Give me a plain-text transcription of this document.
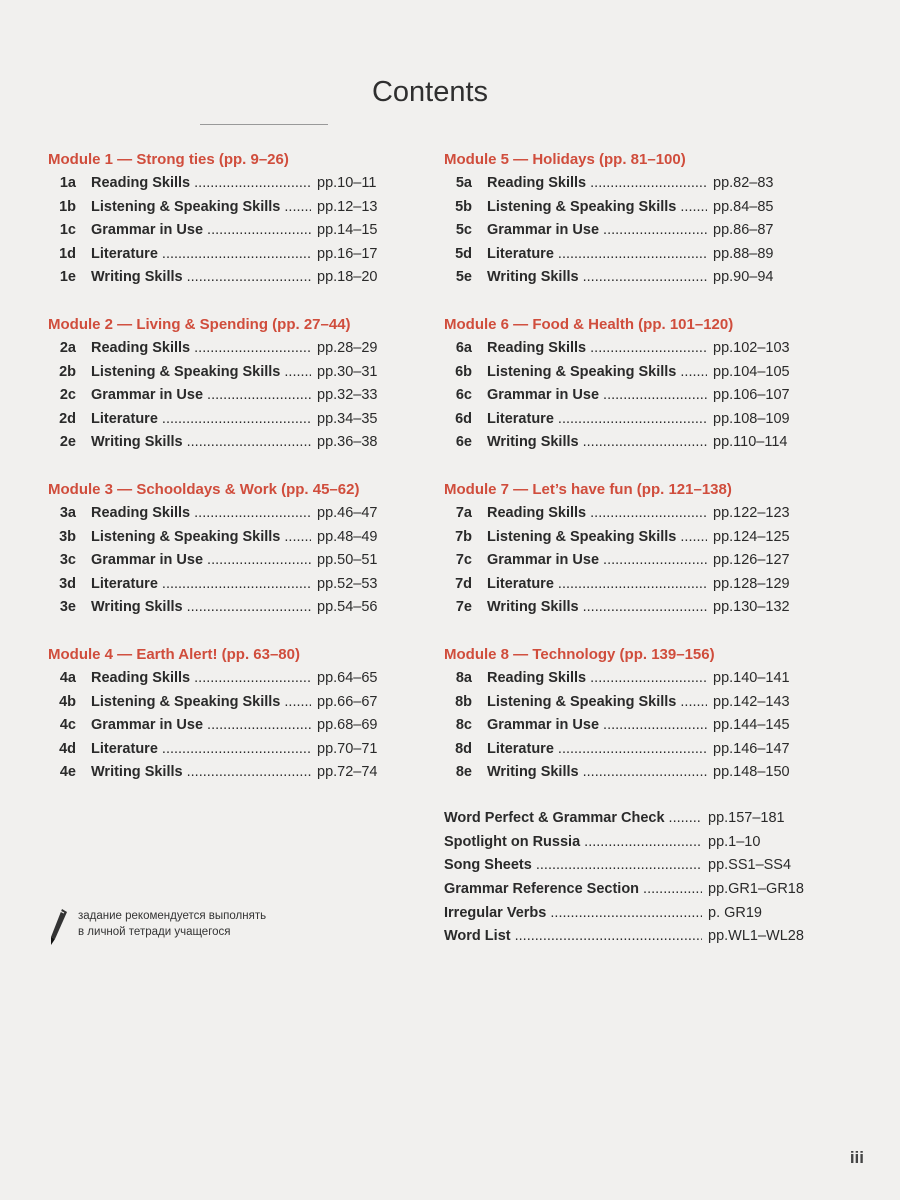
Contents
Module 1 — Strong ties (pp. 9–26)
1a Reading Skills .....	pp.10–11
1b Listening & Speaking Skills .....	pp.12–13
1c Grammar in Use .....	pp.14–15
1d Literature .....	pp.16–17
1e Writing Skills .....	pp.18–20
Module 2 — Living & Spending (pp. 27–44)
2a Reading Skills .....	pp.28–29
2b Listening & Speaking Skills .....	pp.30–31
2c Grammar in Use .....	pp.32–33
2d Literature .....	pp.34–35
2e Writing Skills .....	pp.36–38
Module 3 — Schooldays & Work (pp. 45–62)
3a Reading Skills .....	pp.46–47
3b Listening & Speaking Skills .....	pp.48–49
3c Grammar in Use .....	pp.50–51
3d Literature .....	pp.52–53
3e Writing Skills .....	pp.54–56
Module 4 — Earth Alert! (pp. 63–80)
4a Reading Skills .....	pp.64–65
4b Listening & Speaking Skills .....	pp.66–67
4c Grammar in Use .....	pp.68–69
4d Literature .....	pp.70–71
4e Writing Skills .....	pp.72–74
Module 5 — Holidays (pp. 81–100)
5a Reading Skills .....	pp.82–83
5b Listening & Speaking Skills .....	pp.84–85
5c Grammar in Use .....	pp.86–87
5d Literature .....	pp.88–89
5e Writing Skills .....	pp.90–94
Module 6 — Food & Health (pp. 101–120)
6a Reading Skills .....	pp.102–103
6b Listening & Speaking Skills .....	pp.104–105
6c Grammar in Use .....	pp.106–107
6d Literature .....	pp.108–109
6e Writing Skills .....	pp.110–114
Module 7 — Let’s have fun (pp. 121–138)
7a Reading Skills .....	pp.122–123
7b Listening & Speaking Skills .....	pp.124–125
7c Grammar in Use .....	pp.126–127
7d Literature .....	pp.128–129
7e Writing Skills .....	pp.130–132
Module 8 — Technology (pp. 139–156)
8a Reading Skills .....	pp.140–141
8b Listening & Speaking Skills .....	pp.142–143
8c Grammar in Use .....	pp.144–145
8d Literature .....	pp.146–147
8e Writing Skills .....	pp.148–150
Word Perfect & Grammar Check .....	pp.157–181
Spotlight on Russia .....	pp.1–10
Song Sheets .....	pp.SS1–SS4
Grammar Reference Section .....	pp.GR1–GR18
Irregular Verbs .....	p. GR19
Word List .....	pp.WL1–WL28
задание рекомендуется выполнять
в личной тетради учащегося
iii
